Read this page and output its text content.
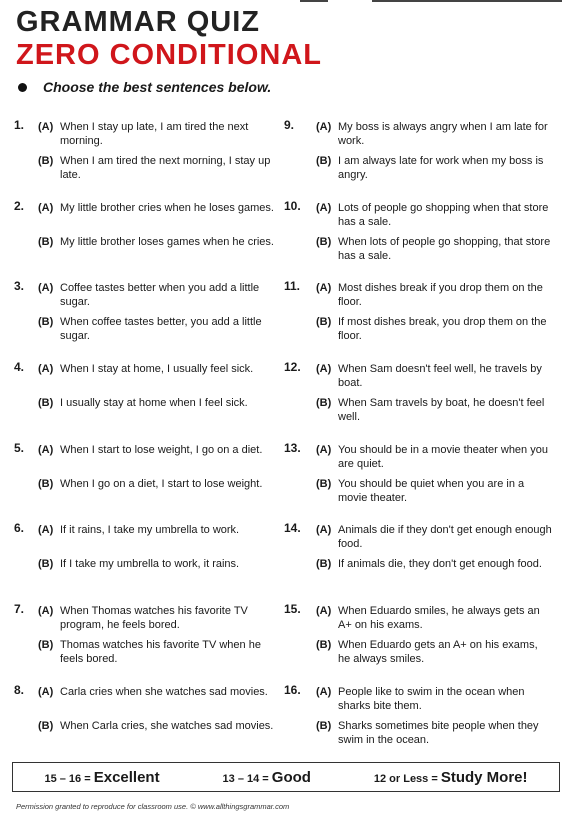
GRAMMAR QUIZ
ZERO CONDITIONAL
Choose the best sentences below.
1.	(A) When I stay up late, I am tired the next morning.
(B) When I am tired the next morning, I stay up late.
2.	(A) My little brother cries when he loses games.
(B) My little brother loses games when he cries.
3.	(A) Coffee tastes better when you add a little sugar.
(B) When coffee tastes better, you add a little sugar.
4.	(A) When I stay at home, I usually feel sick.
(B) I usually stay at home when I feel sick.
5.	(A) When I start to lose weight, I go on a diet.
(B) When I go on a diet, I start to lose weight.
6.	(A) If it rains, I take my umbrella to work.
(B) If I take my umbrella to work, it rains.
7.	(A) When Thomas watches his favorite TV program, he feels bored.
(B) Thomas watches his favorite TV when he feels bored.
8.	(A) Carla cries when she watches sad movies.
(B) When Carla cries, she watches sad movies.
9.	(A) My boss is always angry when I am late for work.
(B) I am always late for work when my boss is angry.
10.	(A) Lots of people go shopping when that store has a sale.
(B) When lots of people go shopping, that store has a sale.
11.	(A) Most dishes break if you drop them on the floor.
(B) If most dishes break, you drop them on the floor.
12.	(A) When Sam doesn't feel well, he travels by boat.
(B) When Sam travels by boat, he doesn't feel well.
13.	(A) You should be in a movie theater when you are quiet.
(B) You should be quiet when you are in a movie theater.
14.	(A) Animals die if they don't get enough enough food.
(B) If animals die, they don't get enough food.
15.	(A) When Eduardo smiles, he always gets an A+ on his exams.
(B) When Eduardo gets an A+ on his exams, he always smiles.
16.	(A) People like to swim in the ocean when sharks bite them.
(B) Sharks sometimes bite people when they swim in the ocean.
15 – 16 = Excellent	13 – 14 = Good	12 or Less = Study More!
Permission granted to reproduce for classroom use. © www.allthingsgrammar.com
